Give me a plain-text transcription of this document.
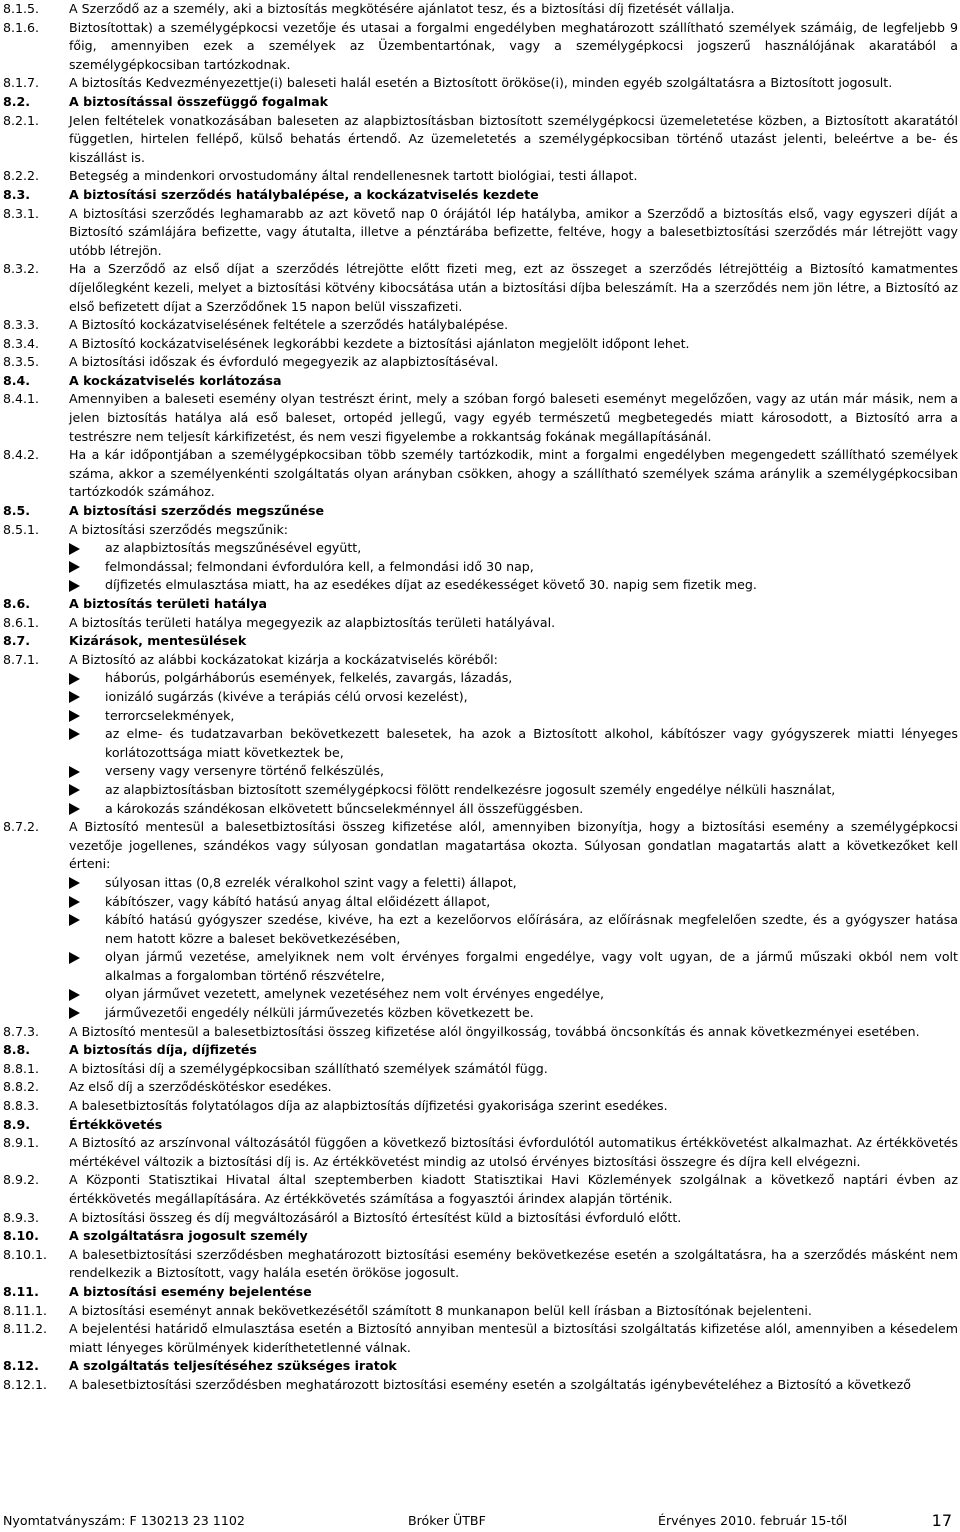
8.1.5.	A Szerződő az a személy, aki a biztosítás megkötésére ajánlatot tesz, és a biztosítási díj fizetését vállalja.
8.1.6.	Biztosítottak) a személygépkocsi vezetője és utasai a forgalmi engedélyben meghatározott szállítható személyek számáig, de legfeljebb 9 főig, amennyiben ezek a személyek az Üzembentartónak, vagy a személygépkocsi jogszerű használójának akaratából a személygépkocsiban tartózkodnak.
8.1.7.	A biztosítás Kedvezményezettje(i) baleseti halál esetén a Biztosított örököse(i), minden egyéb szolgáltatásra a Biztosított jogosult.
8.2.	A biztosítással összefüggő fogalmak
8.2.1.	Jelen feltételek vonatkozásában baleseten az alapbiztosításban biztosított személygépkocsi üzemeletetése közben, a Biztosított akaratától független, hirtelen fellépő, külső behatás értendő. Az üzemeletetés a személygépkocsiban történő utazást jelenti, beleértve a be- és kiszállást is.
8.2.2.	Betegség a mindenkori orvostudomány által rendellenesnek tartott biológiai, testi állapot.
8.3.	A biztosítási szerződés hatálybalépése, a kockázatviselés kezdete
8.3.1.	A biztosítási szerződés leghamarabb az azt követő nap 0 órájától lép hatályba, amikor a Szerződő a biztosítás első, vagy egyszeri díját a Biztosító számlájára befizette, vagy átutalta, illetve a pénztárába befizette, feltéve, hogy a balesetbiztosítási szerződés már létrejött vagy utóbb létrejön.
8.3.2.	Ha a Szerződő az első díjat a szerződés létrejötte előtt fizeti meg, ezt az összeget a szerződés létrejöttéig a Biztosító kamatmentes díjelőlegként kezeli, melyet a biztosítási kötvény kibocsátása után a biztosítási díjba beleszámít. Ha a szerződés nem jön létre, a Biztosító az első befizetett díjat a Szerződőnek 15 napon belül visszafizeti.
8.3.3.	A Biztosító kockázatviselésének feltétele a szerződés hatálybalépése.
8.3.4.	A Biztosító kockázatviselésének legkorábbi kezdete a biztosítási ajánlaton megjelölt időpont lehet.
8.3.5.	A biztosítási időszak és évforduló megegyezik az alapbiztosításéval.
8.4.	A kockázatviselés korlátozása
8.4.1.	Amennyiben a baleseti esemény olyan testrészt érint, mely a szóban forgó baleseti eseményt megelőzően, vagy az után már másik, nem a jelen biztosítás hatálya alá eső baleset, ortopéd jellegű, vagy egyéb természetű megbetegedés miatt károsodott, a Biztosító arra a testrészre nem teljesít kárkifizetést, és nem veszi figyelembe a rokkantság fokának megállapításánál.
8.4.2.	Ha a kár időpontjában a személygépkocsiban több személy tartózkodik, mint a forgalmi engedélyben megengedett szállítható személyek száma, akkor a személyenkénti szolgáltatás olyan arányban csökken, ahogy a szállítható személyek száma aránylik a személygépkocsiban tartózkodók számához.
8.5.	A biztosítási szerződés megszűnése
8.5.1.	A biztosítási szerződés megszűnik:
az alapbiztosítás megszűnésével együtt,
felmondással; felmondani évfordulóra kell, a felmondási idő 30 nap,
díjfizetés elmulasztása miatt, ha az esedékes díjat az esedékességet követő 30. napig sem fizetik meg.
8.6.	A biztosítás területi hatálya
8.6.1.	A biztosítás területi hatálya megegyezik az alapbiztosítás területi hatályával.
8.7.	Kizárások, mentesülések
8.7.1.	A Biztosító az alábbi kockázatokat kizárja a kockázatviselés köréből:
háborús, polgárháborús események, felkelés, zavargás, lázadás,
ionizáló sugárzás (kivéve a terápiás célú orvosi kezelést),
terrorcselekmények,
az elme- és tudatzavarban bekövetkezett balesetek, ha azok a Biztosított alkohol, kábítószer vagy gyógyszerek miatti lényeges korlátozottsága miatt következtek be,
verseny vagy versenyre történő felkészülés,
az alapbiztosításban biztosított személygépkocsi fölött rendelkezésre jogosult személy engedélye nélküli használat,
a károkozás szándékosan elkövetett bűncselekménnyel áll összefüggésben.
8.7.2.	A Biztosító mentesül a balesetbiztosítási összeg kifizetése alól, amennyiben bizonyítja, hogy a biztosítási esemény a személygépkocsi vezetője jogellenes, szándékos vagy súlyosan gondatlan magatartása okozta. Súlyosan gondatlan magatartás alatt a következőket kell érteni:
súlyosan ittas (0,8 ezrelék véralkohol szint vagy a feletti) állapot,
kábítószer, vagy kábító hatású anyag által előidézett állapot,
kábító hatású gyógyszer szedése, kivéve, ha ezt a kezelőorvos előírására, az előírásnak megfelelően szedte, és a gyógyszer hatása nem hatott közre a baleset bekövetkezésében,
olyan jármű vezetése, amelyiknek nem volt érvényes forgalmi engedélye, vagy volt ugyan, de a jármű műszaki okból nem volt alkalmas a forgalomban történő részvételre,
olyan járművet vezetett, amelynek vezetéséhez nem volt érvényes engedélye,
járművezetői engedély nélküli járművezetés közben következett be.
8.7.3.	A Biztosító mentesül a balesetbiztosítási összeg kifizetése alól öngyilkosság, továbbá öncsonkítás és annak következményei esetében.
8.8.	A biztosítás díja, díjfizetés
8.8.1.	A biztosítási díj a személygépkocsiban szállítható személyek számától függ.
8.8.2.	Az első díj a szerződéskötéskor esedékes.
8.8.3.	A balesetbiztosítás folytatólagos díja az alapbiztosítás díjfizetési gyakorisága szerint esedékes.
8.9.	Értékkövetés
8.9.1.	A Biztosító az arszínvonal változásától függően a következő biztosítási évfordulótól automatikus értékkövetést alkalmazhat. Az értékkövetés mértékével változik a biztosítási díj is. Az értékkövetést mindig az utolsó érvényes biztosítási összegre és díjra kell elvégezni.
8.9.2.	A Központi Statisztikai Hivatal által szeptemberben kiadott Statisztikai Havi Közlemények szolgálnak a következő naptári évben az értékkövetés megállapítására. Az értékkövetés számítása a fogyasztói árindex alapján történik.
8.9.3.	A biztosítási összeg és díj megváltozásáról a Biztosító értesítést küld a biztosítási évforduló előtt.
8.10.	A szolgáltatásra jogosult személy
8.10.1.	A balesetbiztosítási szerződésben meghatározott biztosítási esemény bekövetkezése esetén a szolgáltatásra, ha a szerződés másként nem rendelkezik a Biztosított, vagy halála esetén örököse jogosult.
8.11.	A biztosítási esemény bejelentése
8.11.1.	A biztosítási eseményt annak bekövetkezésétől számított 8 munkanapon belül kell írásban a Biztosítónak bejelenteni.
8.11.2.	A bejelentési határidő elmulasztása esetén a Biztosító annyiban mentesül a biztosítási szolgáltatás kifizetése alól, amennyiben a késedelem miatt lényeges körülmények kideríthetetlenné válnak.
8.12.	A szolgáltatás teljesítéséhez szükséges iratok
8.12.1.	A balesetbiztosítási szerződésben meghatározott biztosítási esemény esetén a szolgáltatás igénybevételéhez a Biztosító a következő
Nyomtatványszám: F 130213 23 1102	Bróker ÜTBF	Érvényes 2010. február 15-től	17
